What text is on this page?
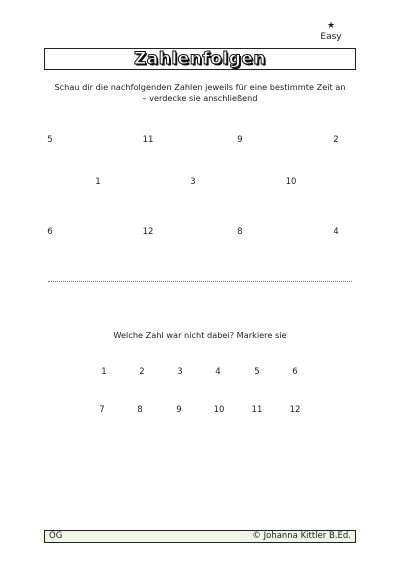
★
Easy
Zahlenfolgen
Schau dir die nachfolgenden Zahlen jeweils für eine bestimmte Zeit an
– verdecke sie anschließend
5	11	9	2
1	3	10
6	12	8	4
Welche Zahl war nicht dabei? Markiere sie
1	2	3	4	5	6
7	8	9	10	11	12
OG	© Johanna Kittler B.Ed.
